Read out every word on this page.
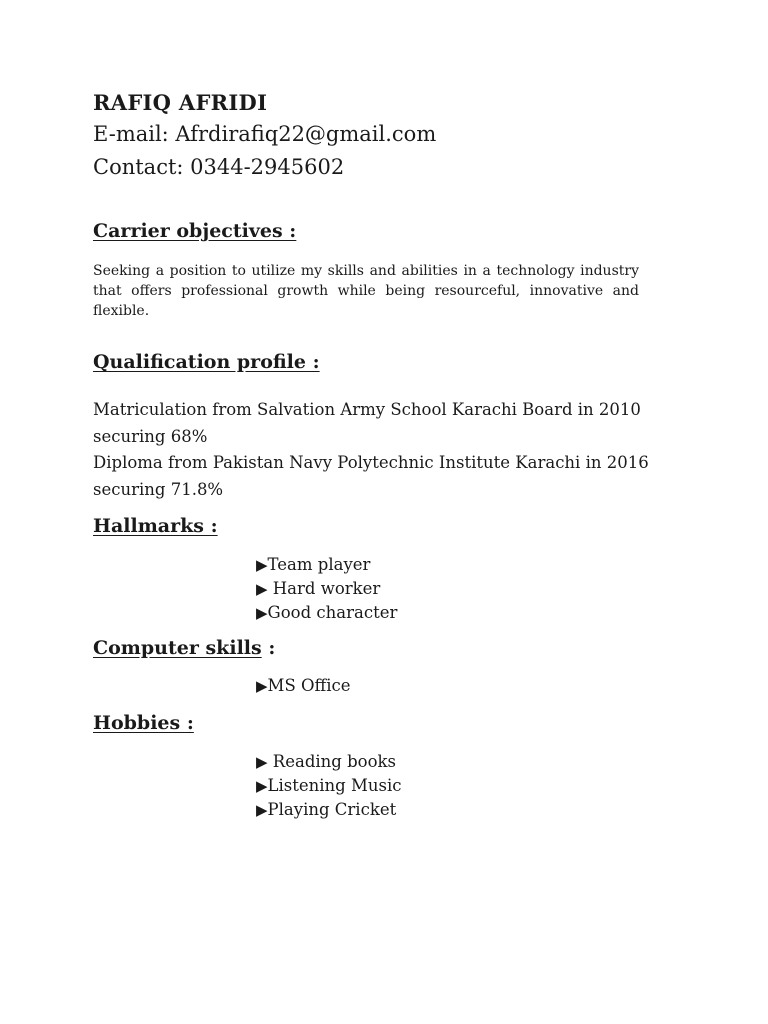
RAFIQ AFRIDI
E-mail: Afrdirafiq22@gmail.com
Contact: 0344-2945602
Carrier objectives :
Seeking a position to utilize my skills and abilities in a technology industry that offers professional growth while being resourceful, innovative and flexible.
Qualification profile :
Matriculation from Salvation Army School Karachi Board in 2010
securing 68%
Diploma from Pakistan Navy Polytechnic Institute Karachi in 2016
securing 71.8%
Hallmarks :
▶Team player
▶ Hard worker
▶Good character
Computer skills :
▶MS Office
Hobbies :
▶ Reading books
▶Listening Music
▶Playing Cricket
